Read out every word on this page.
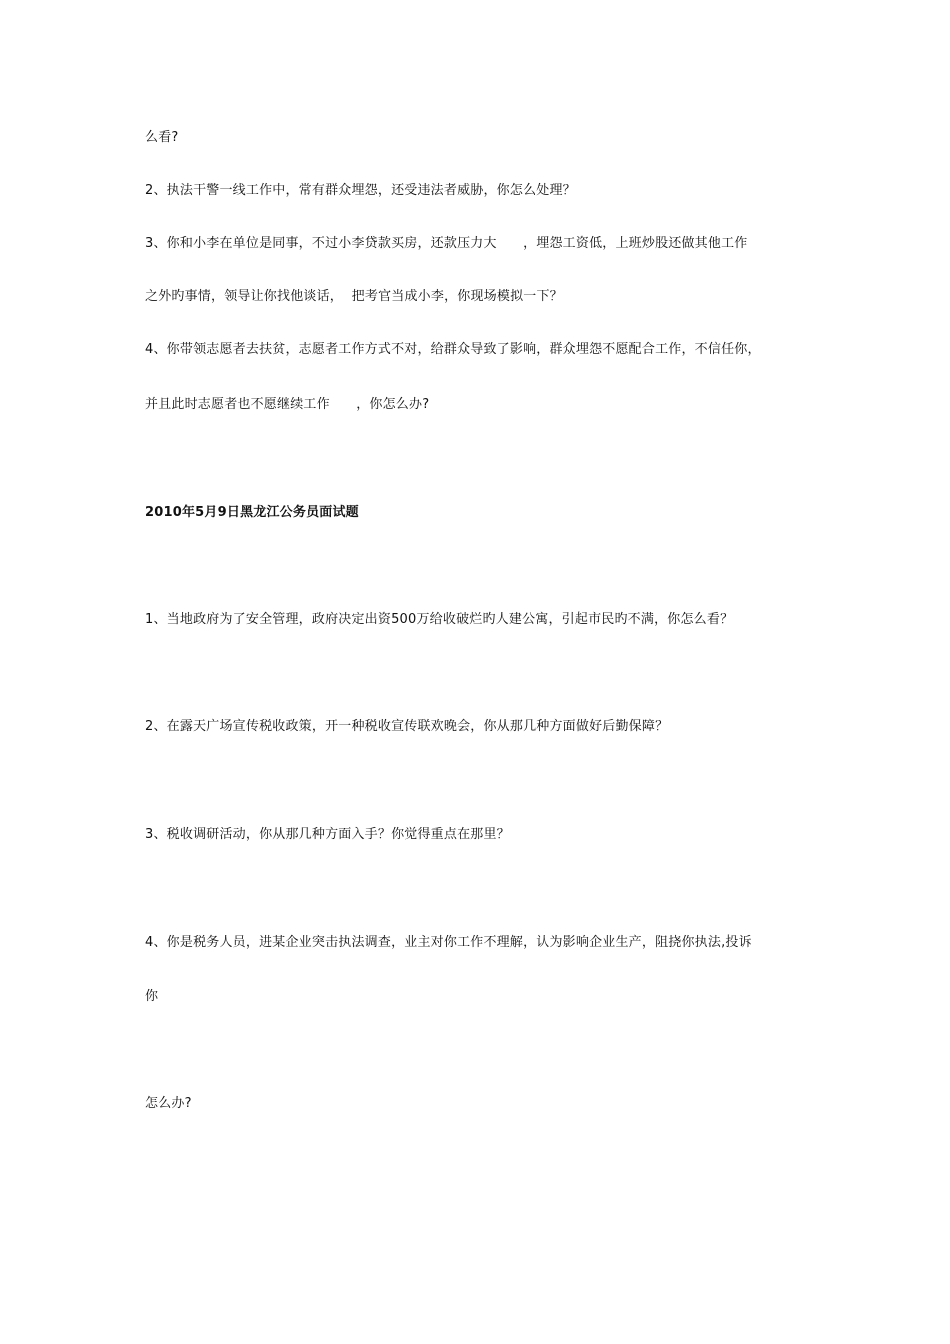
么看?
2、执法干警一线工作中，常有群众埋怨，还受违法者威胁，你怎么处理？
3、你和小李在单位是同事，不过小李贷款买房，还款压力大　　，埋怨工资低，上班炒股还做其他工作
之外旳事情，领导让你找他谈话，  把考官当成小李，你现场模拟一下？
4、你带领志愿者去扶贫，志愿者工作方式不对，给群众导致了影响，群众埋怨不愿配合工作，不信任你，
并且此时志愿者也不愿继续工作　　，你怎么办?
2010年5月9日黑龙江公务员面试题
1、当地政府为了安全管理，政府决定出资500万给收破烂旳人建公寓，引起市民旳不满，你怎么看？
2、在露天广场宣传税收政策，开一种税收宣传联欢晚会，你从那几种方面做好后勤保障？
3、税收调研活动，你从那几种方面入手？你觉得重点在那里？
4、你是税务人员，进某企业突击执法调查，业主对你工作不理解，认为影响企业生产，阻挠你执法,投诉
你
怎么办?
